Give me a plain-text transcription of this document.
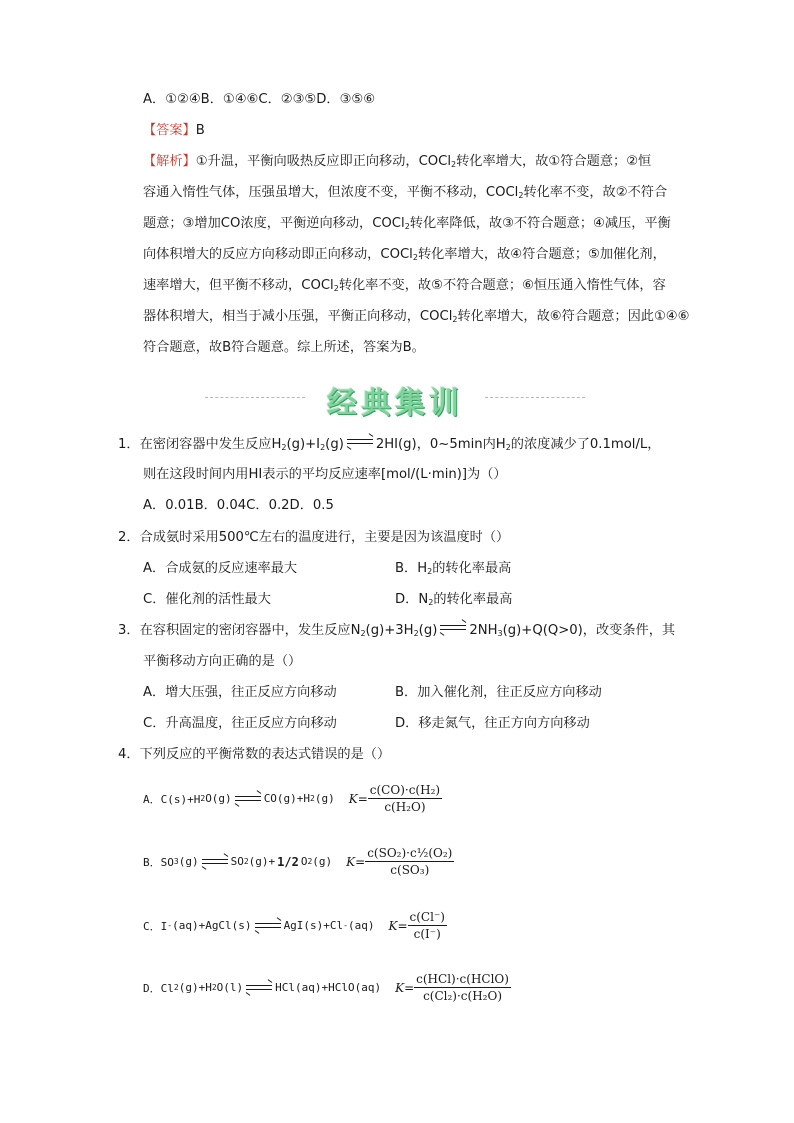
A．①②④B．①④⑥C．②③⑤D．③⑤⑥
【答案】B
【解析】①升温，平衡向吸热反应即正向移动，COCl$_2$转化率增大，故①符合题意；②恒
容通入惰性气体，压强虽增大，但浓度不变，平衡不移动，COCl$_2$转化率不变，故②不符合
题意；③增加CO浓度，平衡逆向移动，COCl$_2$转化率降低，故③不符合题意；④减压，平衡
向体积增大的反应方向移动即正向移动，COCl$_2$转化率增大，故④符合题意；⑤加催化剂，
速率增大，但平衡不移动，COCl$_2$转化率不变，故⑤不符合题意；⑥恒压通入惰性气体，容
器体积增大，相当于减小压强，平衡正向移动，COCl$_2$转化率增大，故⑥符合题意；因此①④⑥
符合题意，故B符合题意。综上所述，答案为B。
经典集训
1．在密闭容器中发生反应$H_2(g)+I_2(g)$ 2HI(g)，0~5min内$H_2$的浓度减少了0.1mol/L，
则在这段时间内用HI表示的平均反应速率[mol/(L·min)]为（）
A．0.01B．0.04C．0.2D．0.5
2．合成氨时采用500℃左右的温度进行，主要是因为该温度时（）
A．合成氨的反应速率最大	B．$H_2$的转化率最高
C．催化剂的活性最大	D．$N_2$的转化率最高
3．在容积固定的密闭容器中，发生反应$N_2(g)+3H_2(g)$ $2NH_3(g)+Q(Q>0)$，改变条件，其
平衡移动方向正确的是（）
A．增大压强，往正反应方向移动	B．加入催化剂，往正反应方向移动
C．升高温度，往正反应方向移动	D．移走氮气，往正方向方向移动
4．下列反应的平衡常数的表达式错误的是（）
A．C(s)+H 2 O(g)	CO(g)+H 2 (g) $K= \frac{\text{c(CO)·c(H₂)}}{\text{c(H₂O)}}$
B．SO 3 (g)	SO 2 (g)+ 1/2 O 2 (g) $K= \frac{\text{c(SO₂)·c½(O₂)}}{\text{c(SO₃)}}$
C．I - (aq)+AgCl(s)	AgI(s)+Cl - (aq) $K= \frac{c(Cl^-)}{c(I^-)}$
D．Cl 2 (g)+H 2 O(l)	HCl(aq)+HClO(aq) $K= \frac{\text{c(HCl)·c(HClO)}}{\text{c(Cl₂)·c(H₂O)}}$
